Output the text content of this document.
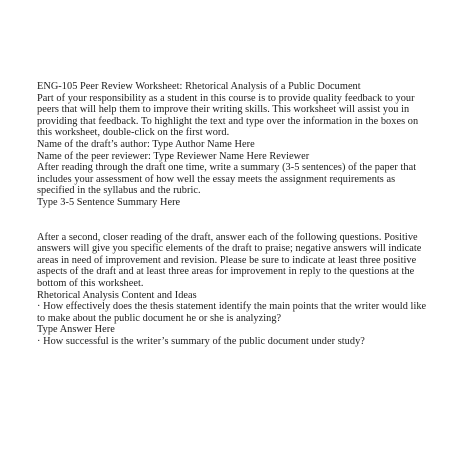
ENG-105 Peer Review Worksheet: Rhetorical Analysis of a Public Document

Part of your responsibility as a student in this course is to provide quality feedback to your peers that will help them to improve their writing skills. This worksheet will assist you in providing that feedback. To highlight the text and type over the information in the boxes on this worksheet, double-click on the first word.

Name of the draft’s author: Type Author Name Here

Name of the peer reviewer: Type Reviewer Name Here Reviewer

After reading through the draft one time, write a summary (3-5 sentences) of the paper that includes your assessment of how well the essay meets the assignment requirements as specified in the syllabus and the rubric.

Type 3-5 Sentence Summary Here

After a second, closer reading of the draft, answer each of the following questions. Positive answers will give you specific elements of the draft to praise; negative answers will indicate areas in need of improvement and revision. Please be sure to indicate at least three positive aspects of the draft and at least three areas for improvement in reply to the questions at the bottom of this worksheet.

Rhetorical Analysis Content and Ideas

· How effectively does the thesis statement identify the main points that the writer would like to make about the public document he or she is analyzing?

Type Answer Here

· How successful is the writer’s summary of the public document under study?
